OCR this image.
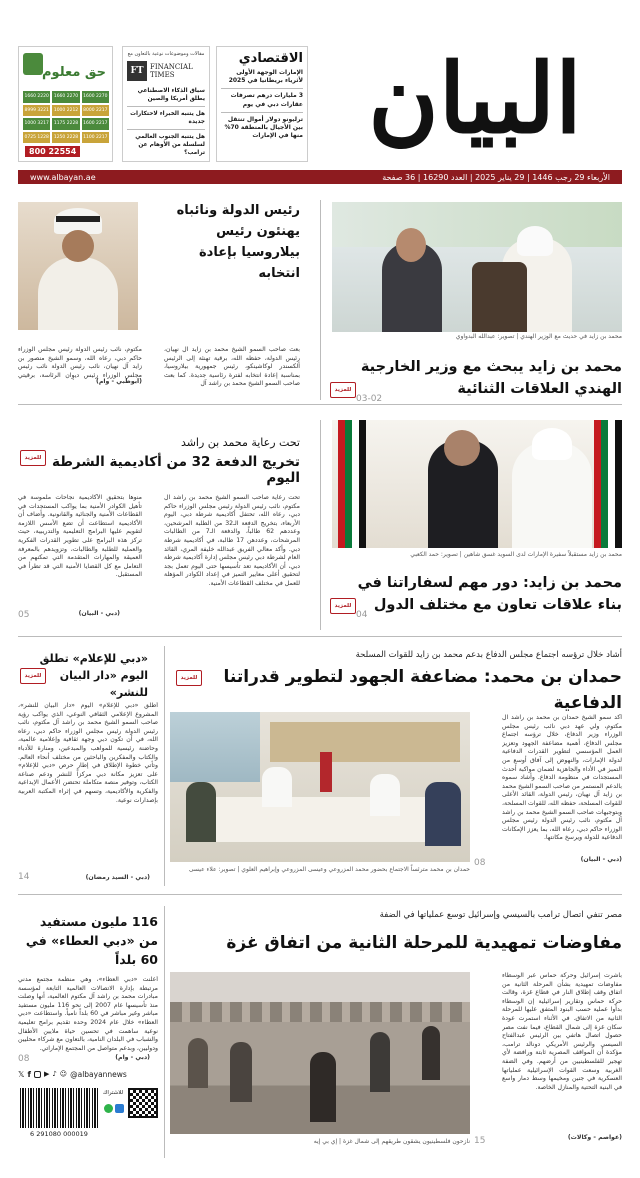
حق معلوم
2270 1600
2270 1660
2220 1660
2217 8000
2212 1000
3221 8999
2217 1600
2228 1175
3217 1000
2217 1100
2228 1250
1228 0725
800 22554
مقالات وموضوعات نوعية بالتعاون مع
FT FINANCIAL
TIMES
سباق الذكاء الاصطناعي يطلق أمريكا والصين
هل يتنبه الخبراء لاحتكارات جديدة
هل يتنبه الجنوب العالمي لسلسلة من الأوهام عن ترامب؟
الاقتصادي
الإمارات الوجهة الأولى لأثرياء بريطانيا في 2025
3 مليارات درهم تصرفات عقارات دبي في يوم
ترليونو دولار أموال تنتقل بين الأجيال بالمنطقة 70% منها في الإمارات البيان
الأربعاء 29 رجب 1446 | 29 يناير 2025 | العدد 16290 | 36 صفحة
www.albayan.ae
محمد بن زايد في حديث مع الوزير الهندي | تصوير: عبدالله البدواوي
محمد بن زايد يبحث مع وزير الخارجية الهندي العلاقات الثنائية
للمزيد
03-02
رئيس الدولة ونائباه يهنئون رئيس بيلاروسيا بإعادة انتخابه
بعث صاحب السمو الشيخ محمد بن زايد آل نهيان، رئيس الدولة، حفظه الله، برقية تهنئة إلى الرئيس ألكسندر لوكاشينكو، رئيس جمهورية بيلاروسيا، بمناسبة إعادة انتخابه لفترة رئاسية جديدة. كما بعث صاحب السمو الشيخ محمد بن راشد آل
مكتوم، نائب رئيس الدولة رئيس مجلس الوزراء حاكم دبي، رعاه الله، وسمو الشيخ منصور بن زايد آل نهيان، نائب رئيس الدولة نائب رئيس مجلس الوزراء رئيس ديوان الرئاسة، برقيتي
(أبوظبي - وام)
محمد بن زايد مستقبلاً سفيرة الإمارات لدى السويد غسق شاهين | تصوير: حمد الكعبي
محمد بن زايد: دور مهم لسفاراتنا في بناء علاقات تعاون مع مختلف الدول
للمزيد
04
تحت رعاية محمد بن راشد
تخريج الدفعة 32 من أكاديمية الشرطة اليوم
للمزيد
تحت رعاية صاحب السمو الشيخ محمد بن راشد آل مكتوم، نائب رئيس الدولة رئيس مجلس الوزراء حاكم دبي، رعاه الله، تحتفل أكاديمية شرطة دبي، اليوم الأربعاء، بتخريج الدفعة الـ32 من الطلبة المرشحين، وعددهم 62 طالباً، والدفعة الـ7 من الطالبات المرشحات، وعددهن 17 طالبة، في أكاديمية شرطة دبي. وأكد معالي الفريق عبدالله خليفة المري، القائد العام لشرطة دبي رئيس مجلس إدارة أكاديمية شرطة دبي، أن الأكاديمية تعد تأسيسها حتى اليوم تعمل بجد لتحقيق أعلى معايير التميز في إعداد الكوادر المؤهلة للعمل في مختلف القطاعات الأمنية.
منوهاً بتحقيق الأكاديمية نجاحات ملموسة في تأهيل الكوادر الأمنية بما يواكب المستجدات في القطاعات الأمنية والجنائية والقانونية. وأضاف أن الأكاديمية استطاعت أن تضع الأسس اللازمة لتقويم عليها البرامج التعليمية والتدريبية، حيث تركز هذه البرامج على تطوير القدرات الفكرية والعملية للطلبة والطالبات، وتزويدهم بالمعرفة العميقة والمهارات المتقدمة التي تمكنهم من التعامل مع كل القضايا الأمنية التي قد تطرأ في المستقبل.
(دبي - البيان)
05
أشاد خلال ترؤسه اجتماع مجلس الدفاع بدعم محمد بن زايد للقوات المسلحة
حمدان بن محمد: مضاعفة الجهود لتطوير قدراتنا الدفاعية
للمزيد
أكد سمو الشيخ حمدان بن محمد بن راشد آل مكتوم، ولي عهد دبي نائب رئيس مجلس الوزراء وزير الدفاع، خلال ترؤسه اجتماع مجلس الدفاع، أهمية مضاعفة الجهود وتعزيز العمل المؤسسي لتطوير القدرات الدفاعية لدولة الإمارات، والنهوض إلى آفاق أوسع من التميز في الأداء والجاهزية لضمان مواكبة أحدث المستجدات في منظومة الدفاع. وأشاد سموه بالدعم المستمر من صاحب السمو الشيخ محمد بن زايد آل نهيان، رئيس الدولة، القائد الأعلى للقوات المسلحة، حفظه الله، للقوات المسلحة، وبتوجيهات صاحب السمو الشيخ محمد بن راشد آل مكتوم، نائب رئيس الدولة رئيس مجلس الوزراء حاكم دبي، رعاه الله، بما يعزز الإمكانات الدفاعية للدولة ويرسخ مكانتها.
(دبي - البيان)
حمدان بن محمد مترئساً الاجتماع بحضور محمد المزروعي وعيسى المزروعي وإبراهيم العلوي | تصوير: علاء عيسى
08
«دبي للإعلام» تطلق اليوم «دار البيان للنشر»
للمزيد
أطلق «دبي للإعلام» اليوم «دار البيان للنشر»، المشروع الإعلامي الثقافي النوعي، الذي يواكب رؤية صاحب السمو الشيخ محمد بن راشد آل مكتوم، نائب رئيس الدولة رئيس مجلس الوزراء حاكم دبي، رعاه الله، في أن تكون دبي وجهة ثقافية وإعلامية عالمية، وحاضنة رئيسية للمواهب والمبدعين، ومنارة للأدباء والكتاب والمفكرين والباحثين من مختلف أنحاء العالم. وتأتي خطوة الإطلاق في إطار حرص «دبي للإعلام» على تعزيز مكانة دبي مركزاً للنشر ودعم صناعة الكتاب، وتوفير منصة متكاملة تحتضن الأعمال الإبداعية والفكرية والأكاديمية، وتسهم في إثراء المكتبة العربية بإصدارات نوعية.
(دبي - السيد رمضان)
14
مصر تنفي اتصال ترامب بالسيسي وإسرائيل توسع عملياتها في الضفة
مفاوضات تمهيدية للمرحلة الثانية من اتفاق غزة
باشرت إسرائيل وحركة حماس عبر الوسطاء مفاوضات تمهيدية بشأن المرحلة الثانية من اتفاق وقف إطلاق النار في قطاع غزة، وقالت حركة حماس وتقارير إسرائيلية إن الوسطاء بدأوا عملية حسب البنود المتفق عليها للمرحلة الثانية من الاتفاق. في الأثناء استمرت عودة سكان غزة إلى شمال القطاع، فيما نفت مصر حصول اتصال هاتفي بين الرئيس عبدالفتاح السيسي والرئيس الأمريكي دونالد ترامب، مؤكدة أن المواقف المصرية ثابتة ورافضة لأي تهجير للفلسطينيين من أرضهم. وفي الضفة الغربية وسعت القوات الإسرائيلية عملياتها العسكرية في جنين ومخيمها وسط دمار واسع في البنية التحتية والمنازل الخاصة.
(عواصم - وكالات)
15
نازحون فلسطينيون يشقون طريقهم إلى شمال غزة | إي بي إيه
116 مليون مستفيد من «دبي العطاء» في 60 بلداً
أعلنت «دبي العطاء»، وهي منظمة مجتمع مدني مرتبطة بإدارة الاتصالات العالمية التابعة لمؤسسة مبادرات محمد بن راشد آل مكتوم العالمية، أنها وصلت منذ تأسيسها عام 2007 إلى نحو 116 مليون مستفيد مباشر وغير مباشر في 60 بلداً نامياً. واستطاعت «دبي العطاء» خلال عام 2024 وحده تقديم برامج تعليمية نوعية ساهمت في تحسين حياة ملايين الأطفال والشباب في البلدان النامية، بالتعاون مع شركاء محليين ودوليين، وبدعم متواصل من المجتمع الإماراتي.
(دبي - وام)
08
𝕏 f ▶ ♪ ☺ @albayannews
6 291080 000019
للاشتراك
